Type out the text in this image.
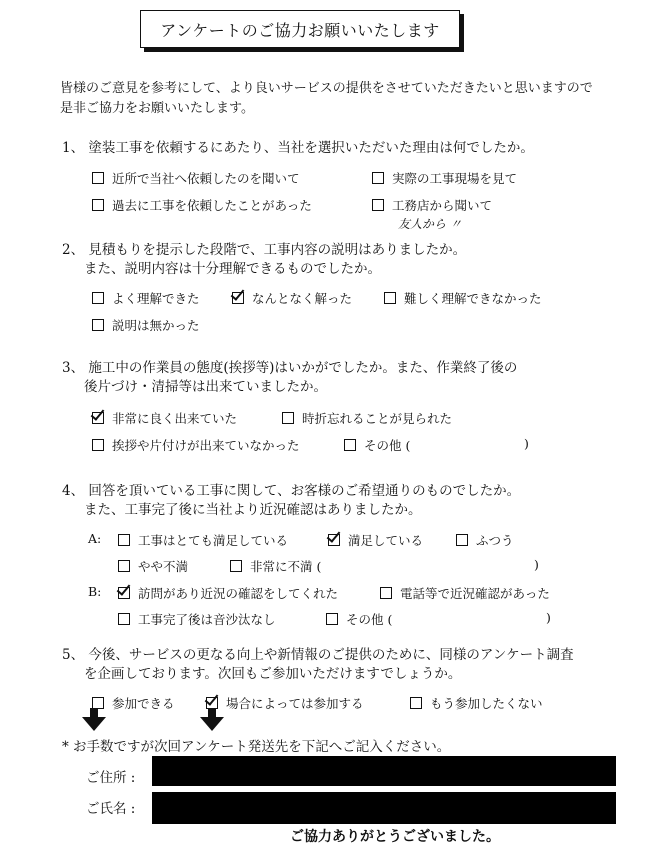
アンケートのご協力お願いいたします
皆様のご意見を参考にして、より良いサービスの提供をさせていただきたいと思いますので
是非ご協力をお願いいたします。
1、 塗装工事を依頼するにあたり、当社を選択いただいた理由は何でしたか。
近所で当社へ依頼したのを聞いて	実際の工事現場を見て
過去に工事を依頼したことがあった	工務店から聞いて
友人から 〃
2、 見積もりを提示した段階で、工事内容の説明はありましたか。
また、説明内容は十分理解できるものでしたか。
よく理解できた	なんとなく解った	難しく理解できなかった
説明は無かった
3、 施工中の作業員の態度(挨拶等)はいかがでしたか。また、作業終了後の
後片づけ・清掃等は出来ていましたか。
非常に良く出来ていた	時折忘れることが見られた
挨拶や片付けが出来ていなかった	その他 (	)
4、 回答を頂いている工事に関して、お客様のご希望通りのものでしたか。
また、工事完了後に当社より近況確認はありましたか。
A:	工事はとても満足している	満足している	ふつう
やや不満	非常に不満 (	)
B:	訪問があり近況の確認をしてくれた	電話等で近況確認があった
工事完了後は音沙汰なし	その他 (	)
5、 今後、サービスの更なる向上や新情報のご提供のために、同様のアンケート調査
を企画しております。次回もご参加いただけますでしょうか。
参加できる	場合によっては参加する	もう参加したくない
* お手数ですが次回アンケート発送先を下記へご記入ください。
ご住所 :
ご氏名 :
ご協力ありがとうございました。
